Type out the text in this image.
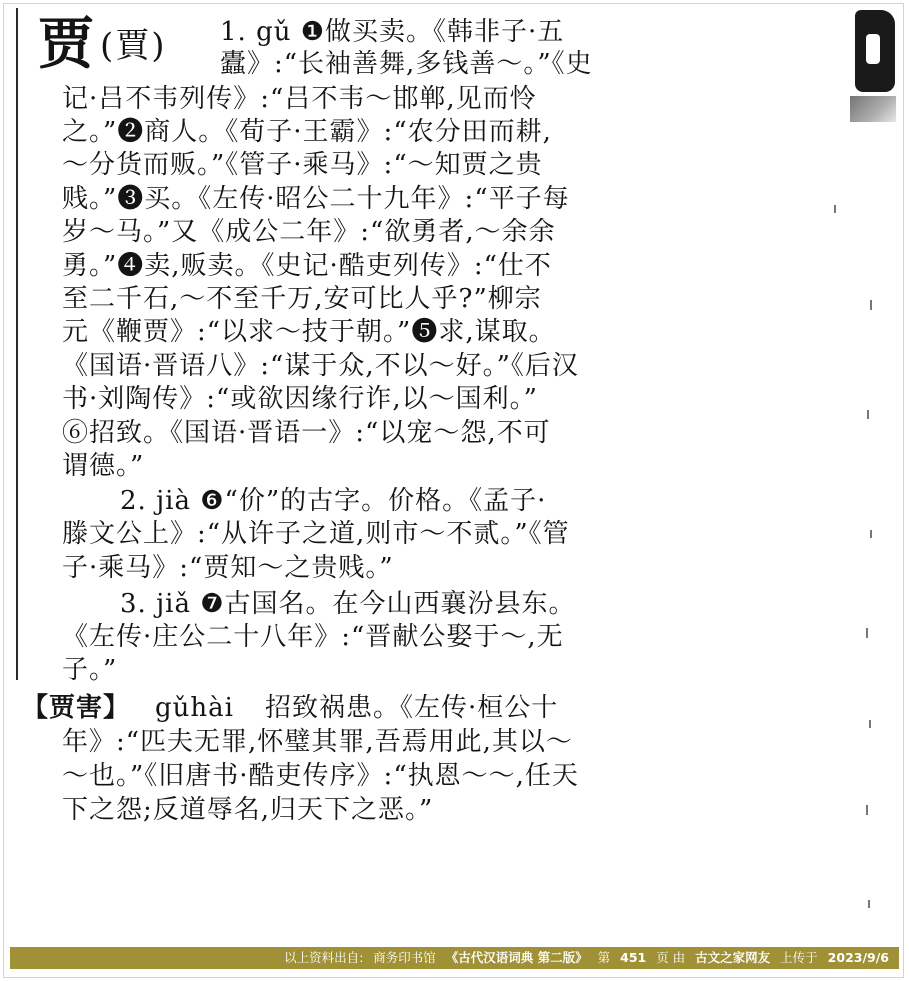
贾 (賈) 1. gǔ ❶做买卖。《韩非子·五
蠹》:“长袖善舞,多钱善～。”《史
记·吕不韦列传》:“吕不韦～邯郸,见而怜
之。”❷商人。《荀子·王霸》:“农分田而耕,
～分货而贩。”《管子·乘马》:“～知贾之贵
贱。”❸买。《左传·昭公二十九年》:“平子每
岁～马。”又《成公二年》:“欲勇者,～余余
勇。”❹卖,贩卖。《史记·酷吏列传》:“仕不
至二千石,～不至千万,安可比人乎?”柳宗
元《鞭贾》:“以求～技于朝。”❺求,谋取。
《国语·晋语八》:“谋于众,不以～好。”《后汉
书·刘陶传》:“或欲因缘行诈,以～国利。”
⑥招致。《国语·晋语一》:“以宠～怨,不可
谓德。”
2. jià ❻“价”的古字。价格。《孟子·
滕文公上》:“从许子之道,则市～不贰。”《管
子·乘马》:“贾知～之贵贱。”
3. jiǎ ❼古国名。在今山西襄汾县东。
《左传·庄公二十八年》:“晋献公娶于～,无
子。”
【贾害】 gǔhài 招致祸患。《左传·桓公十
年》:“匹夫无罪,怀璧其罪,吾焉用此,其以～
～也。”《旧唐书·酷吏传序》:“执恩～～,任天
下之怨;反道辱名,归天下之恶。”
以上资料出自: 商务印书馆 《古代汉语词典 第二版》 第 451 页 由 古文之家网友 上传于 2023/9/6
